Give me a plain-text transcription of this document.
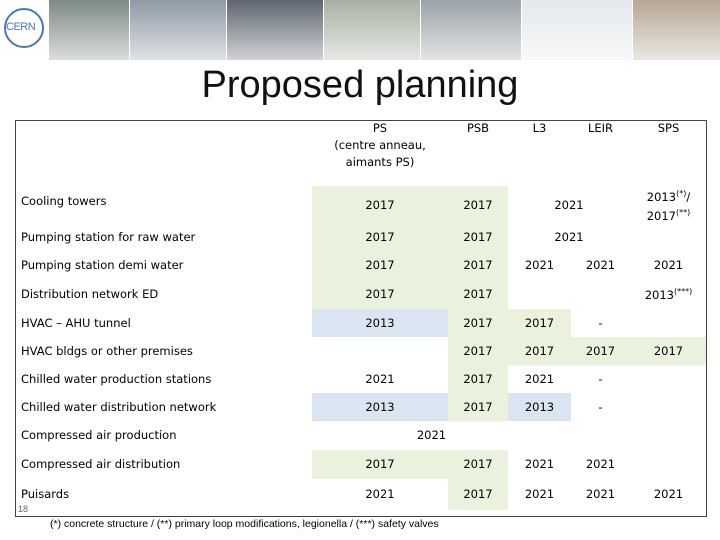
CERN
Proposed planning
	PS
(centre anneau,
aimants PS)	PSB	L3	LEIR	SPS
Cooling towers	2017	2017	2021		2013(*)/
2017(**)
Pumping station for raw water	2017	2017	2021		
Pumping station demi water	2017	2017	2021	2021	2021
Distribution network ED	2017	2017			2013(***)
HVAC – AHU tunnel	2013	2017	2017	-	
HVAC bldgs or other premises		2017	2017	2017	2017
Chilled water production stations	2021	2017	2021	-	
Chilled water distribution network	2013	2017	2013	-	
Compressed air production	2021				
Compressed air distribution	2017	2017	2021	2021	
Puisards	2021	2017	2021	2021	2021
18
(*) concrete structure / (**) primary loop modifications, legionella / (***) safety valves
